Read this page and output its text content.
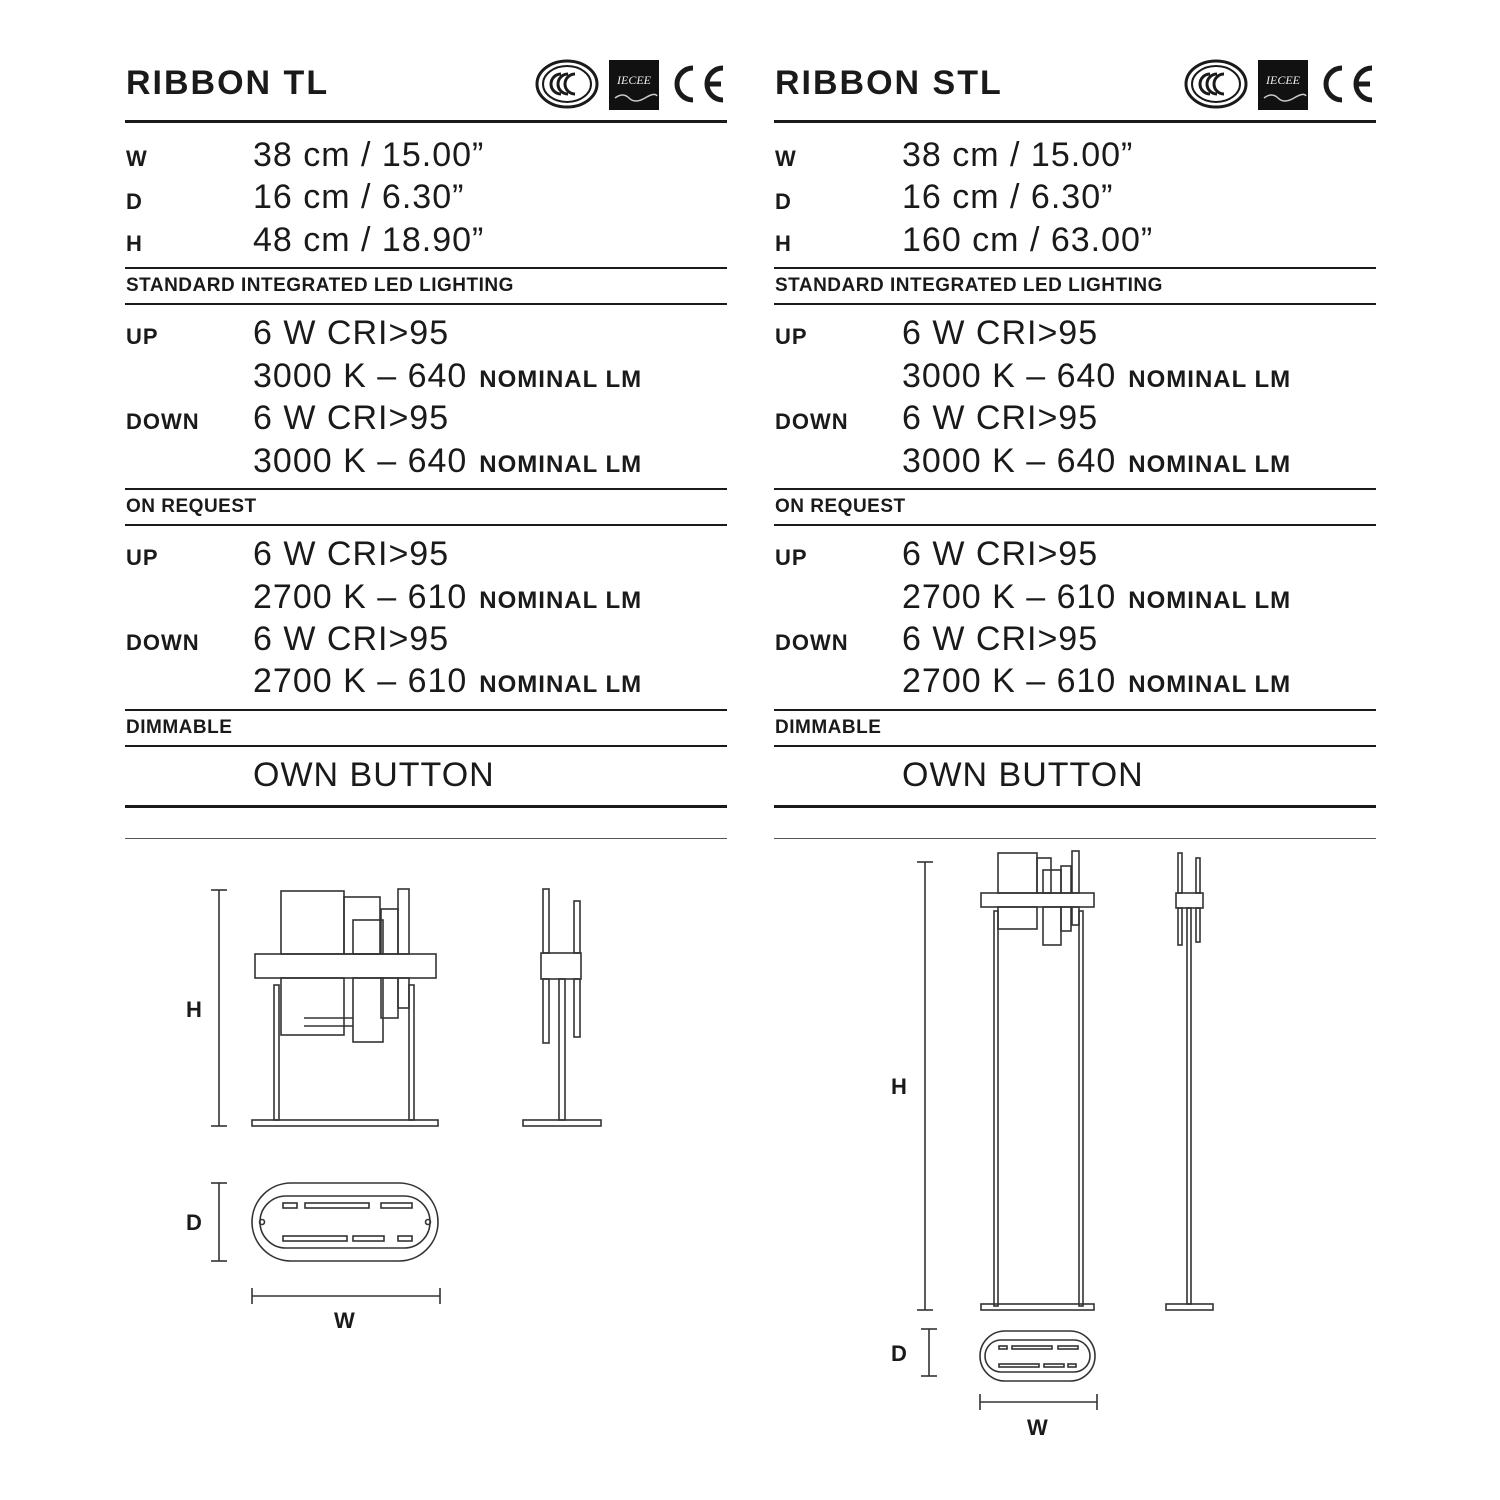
RIBBON TL	IECEE
W	38 cm / 15.00”
D	16 cm / 6.30”
H	48 cm / 18.90”
STANDARD INTEGRATED LED LIGHTING
UP	6 W CRI>95
3000 K – 640 NOMINAL LM
DOWN 6 W CRI>95
3000 K – 640 NOMINAL LM
ON REQUEST
UP	6 W CRI>95
2700 K – 610 NOMINAL LM
DOWN 6 W CRI>95
2700 K – 610 NOMINAL LM
DIMMABLE
OWN BUTTON
RIBBON STL	IECEE
W	38 cm / 15.00”
D	16 cm / 6.30”
H	160 cm / 63.00”
STANDARD INTEGRATED LED LIGHTING
UP	6 W CRI>95
3000 K – 640 NOMINAL LM
DOWN 6 W CRI>95
3000 K – 640 NOMINAL LM
ON REQUEST
UP	6 W CRI>95
2700 K – 610 NOMINAL LM
DOWN 6 W CRI>95
2700 K – 610 NOMINAL LM
DIMMABLE
OWN BUTTON
H
D
W
H
D
W
